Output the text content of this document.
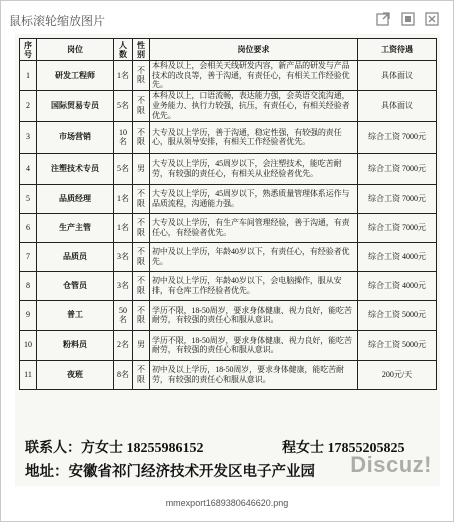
鼠标滚轮缩放图片
序号	岗位	人数	性别	岗位要求	工资待遇
1	研发工程师	1名	不限	本科及以上，会相关天线研发内容，新产品的研发与产品技术的改良等，善于沟通，有责任心，有相关工作经验优先。	具体面议
2	国际贸易专员	5名	不限	本科及以上，口语流畅，表达能力强，会英语交流沟通，业务能力、执行力较强，抗压，有责任心，有相关经验者优先。	具体面议
3	市场营销	10名	不限	大专及以上学历，善于沟通，稳定性强，有较强的责任心，服从领导安排，有相关工作经验者优先。	综合工资 7000元
4	注塑技术专员	5名	男	大专及以上学历，45周岁以下，会注塑技术，能吃苦耐劳，有较强的责任心，有相关从业经验者优先。	综合工资 7000元
5	品质经理	1名	不限	大专及以上学历，45周岁以下，熟悉质量管理体系运作与品质流程，沟通能力强。	综合工资 7000元
6	生产主管	1名	不限	大专及以上学历，有生产车间管理经验，善于沟通，有责任心，有经验者优先。	综合工资 7000元
7	品质员	3名	不限	初中及以上学历，年龄40岁以下，有责任心，有经验者优先。	综合工资 4000元
8	仓管员	3名	不限	初中及以上学历，年龄40岁以下，会电脑操作，服从安排，有仓库工作经验者优先。	综合工资 4000元
9	普工	50名	不限	学历不限，18-50周岁，要求身体健康、视力良好，能吃苦耐劳，有较强的责任心和服从意识。	综合工资 5000元
10	粉料员	2名	男	学历不限，18-50周岁，要求身体健康、视力良好，能吃苦耐劳，有较强的责任心和服从意识。	综合工资 5000元
11	夜班	8名	不限	初中及以上学历，18-50周岁，要求身体健康，能吃苦耐劳，有较强的责任心和服从意识。	200元/天
联系人：方女士 18255986152	程女士 17855205825
地址：安徽省祁门经济技术开发区电子产业园 Discuz!
mmexport1689380646620.png
